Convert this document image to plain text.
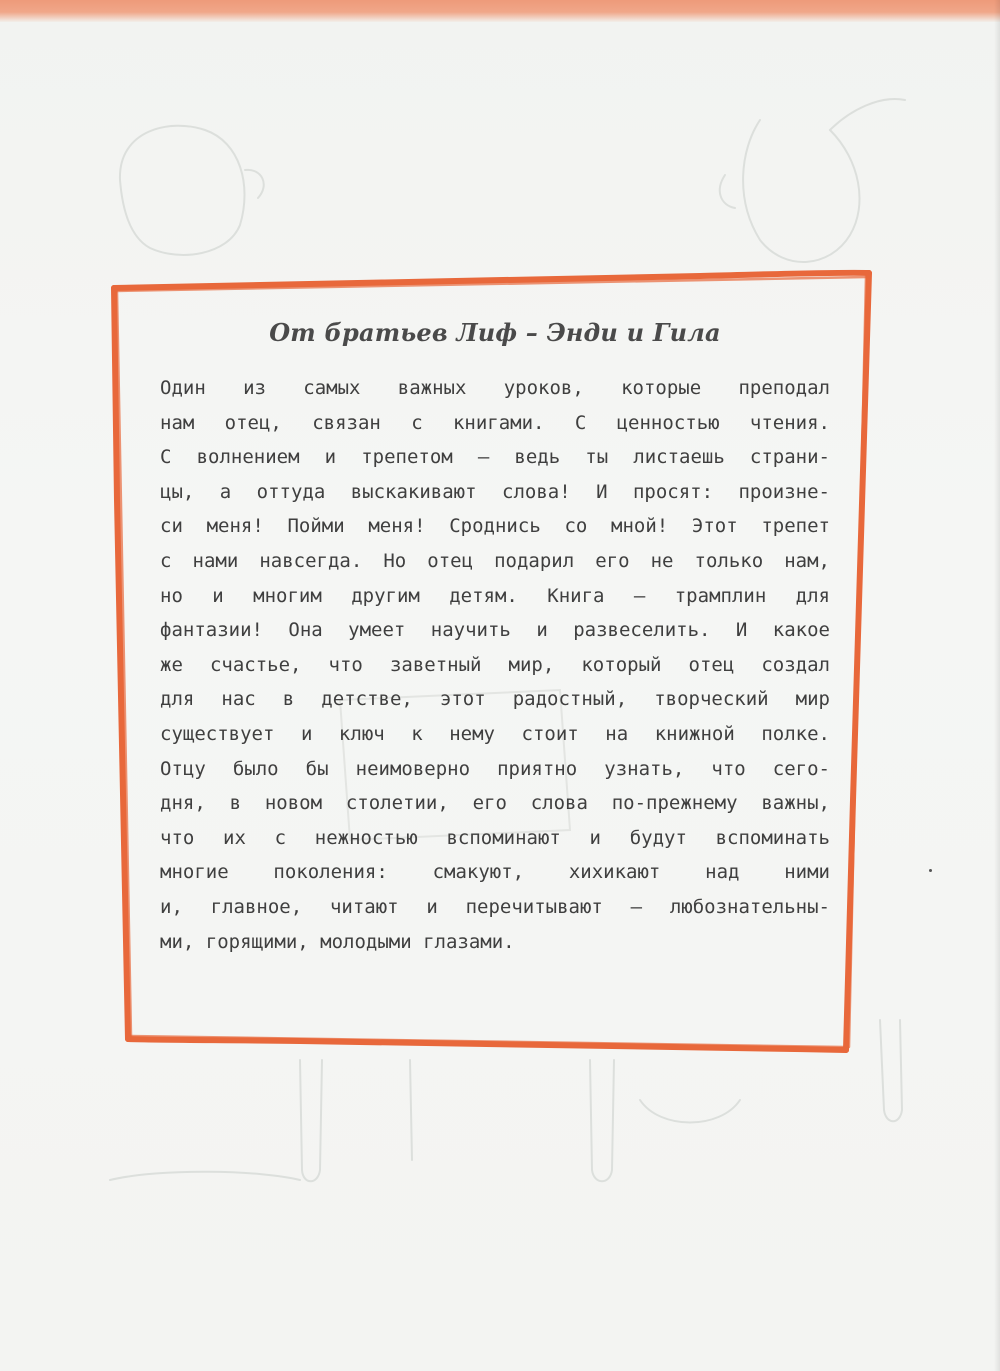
От братьев Лиф – Энди и Гила
Один из самых важных уроков, которые преподал
нам отец, связан с книгами. С ценностью чтения.
С волнением и трепетом – ведь ты листаешь страни-
цы, а оттуда выскакивают слова! И просят: произне-
си меня! Пойми меня! Сроднись со мной! Этот трепет
с нами навсегда. Но отец подарил его не только нам,
но и многим другим детям. Книга – трамплин для
фантазии! Она умеет научить и развеселить. И какое
же счастье, что заветный мир, который отец создал
для нас в детстве, этот радостный, творческий мир
существует и ключ к нему стоит на книжной полке.
Отцу было бы неимоверно приятно узнать, что сего-
дня, в новом столетии, его слова по-прежнему важны,
что их с нежностью вспоминают и будут вспоминать
многие поколения: смакуют, хихикают над ними
и, главное, читают и перечитывают – любознательны-
ми, горящими, молодыми глазами.
